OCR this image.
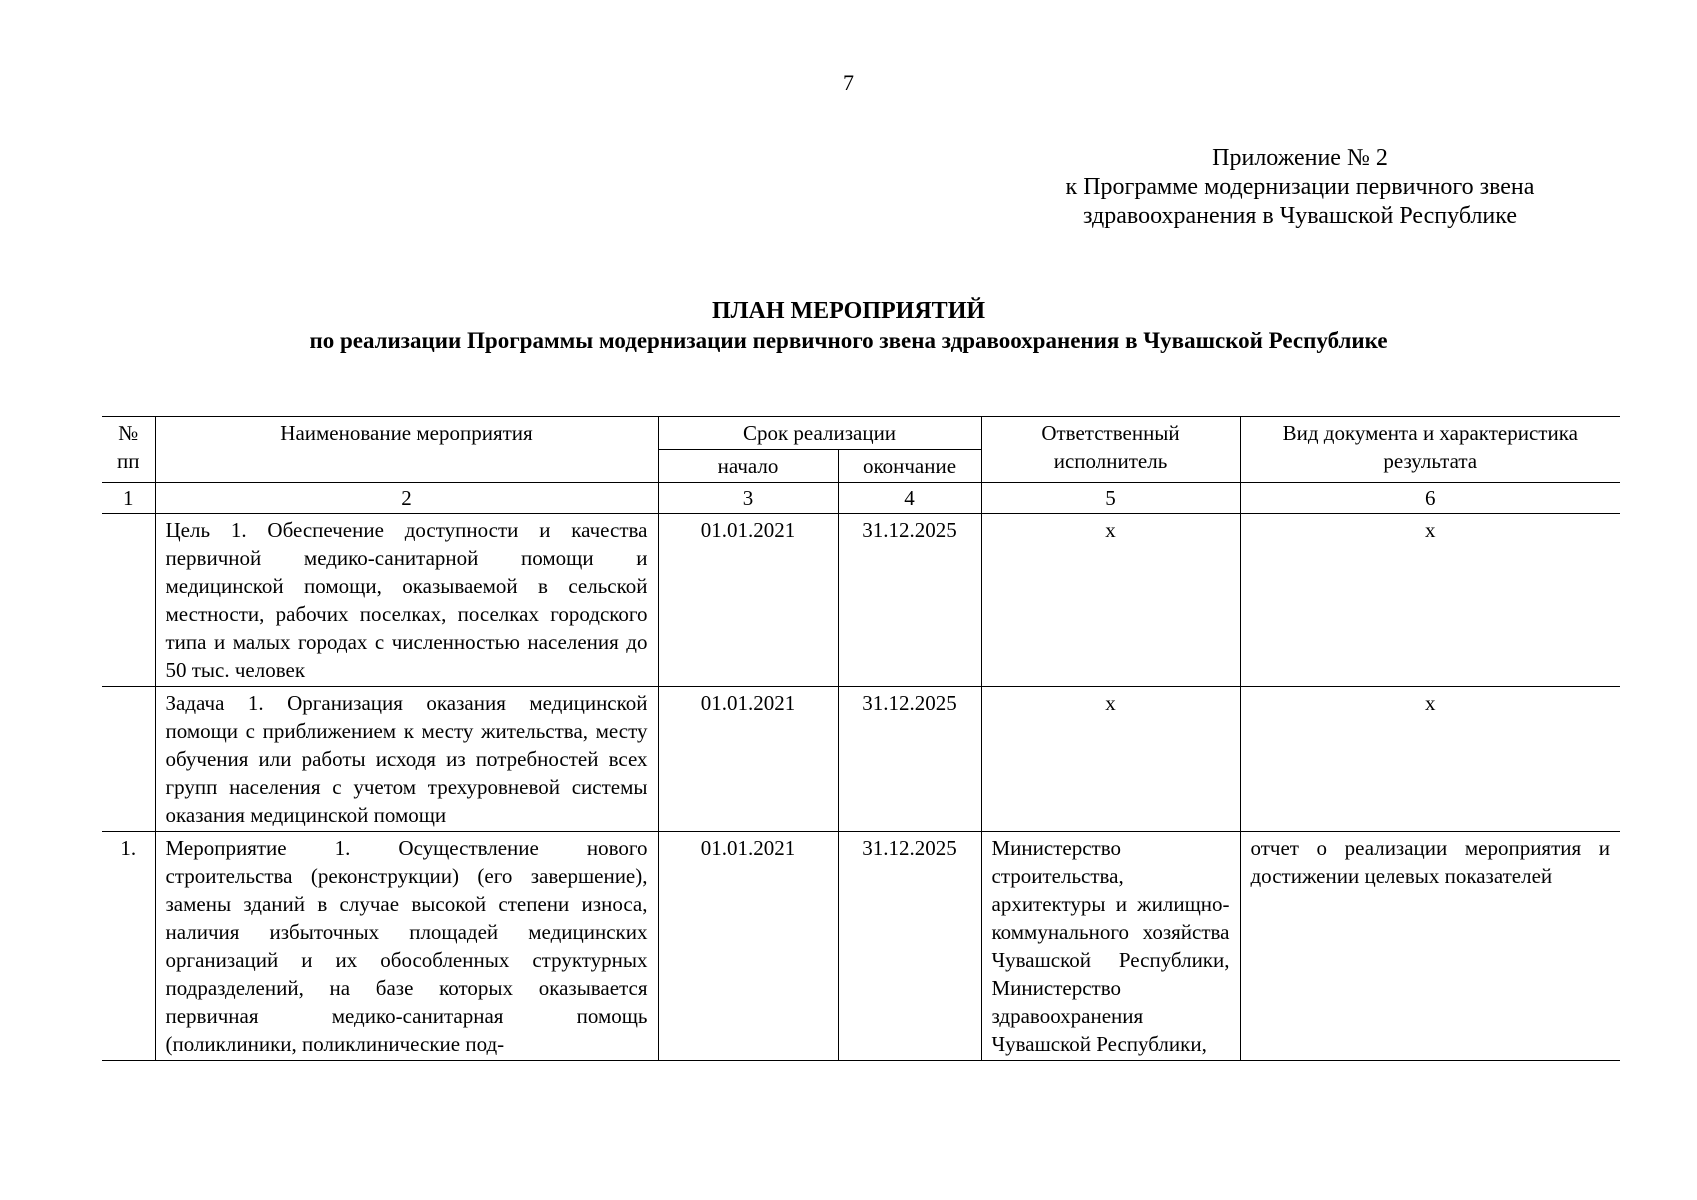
7
Приложение № 2
к Программе модернизации первичного звена
здравоохранения в Чувашской Республике
ПЛАН МЕРОПРИЯТИЙ
по реализации Программы модернизации первичного звена здравоохранения в Чувашской Республике
№ пп	Наименование мероприятия	Срок реализации		Ответственный исполнитель	Вид документа и характеристика результата
		начало	окончание		
1	2	3	4	5	6
	Цель 1. Обеспечение доступности и качества первичной медико-санитарной помощи и медицинской помощи, оказываемой в сельской местности, рабочих поселках, поселках городского типа и малых городах с численностью населения до 50 тыс. человек	01.01.2021	31.12.2025	х	х
	Задача 1. Организация оказания медицинской помощи с приближением к месту жительства, месту обучения или работы исходя из потребностей всех групп населения с учетом трехуровневой системы оказания медицинской помощи	01.01.2021	31.12.2025	х	х
1.	Мероприятие 1. Осуществление нового строительства (реконструкции) (его завершение), замены зданий в случае высокой степени износа, наличия избыточных площадей медицинских организаций и их обособленных структурных подразделений, на базе которых оказывается первичная медико-санитарная помощь (поликлиники, поликлинические под-	01.01.2021	31.12.2025	Министерство строительства, архитектуры и жилищно-коммунального хозяйства Чувашской Республики, Министерство здравоохранения Чувашской Республики,	отчет о реализации мероприятия и достижении целевых показателей
